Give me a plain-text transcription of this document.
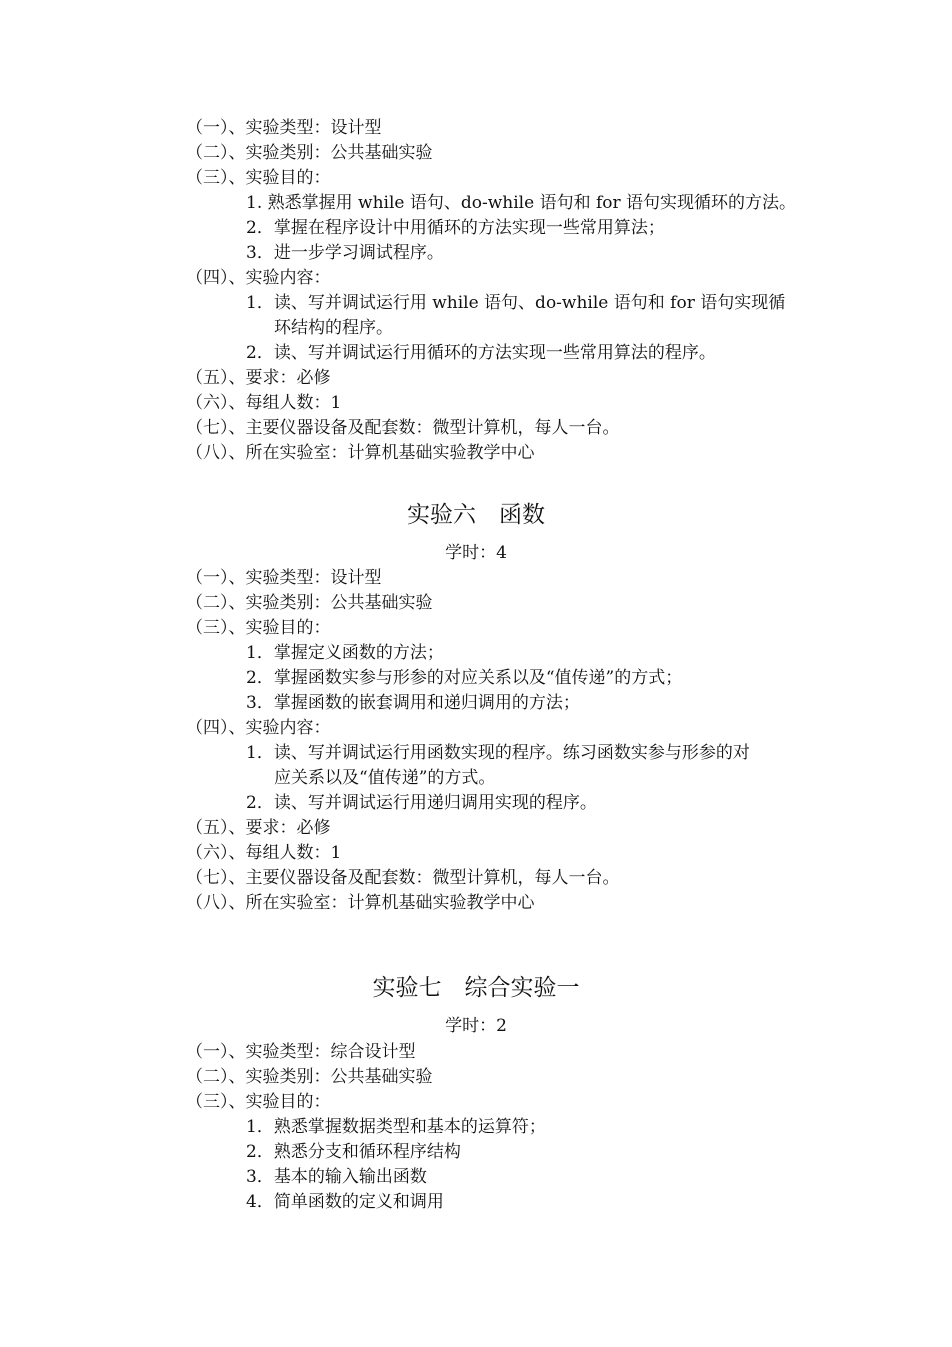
（一）、实验类型：设计型
（二）、实验类别：公共基础实验
（三）、实验目的：
1. 熟悉掌握用 while 语句、do-while 语句和 for 语句实现循环的方法。
2．掌握在程序设计中用循环的方法实现一些常用算法；
3．进一步学习调试程序。
（四）、实验内容：
1．读、写并调试运行用 while 语句、do-while 语句和 for 语句实现循
环结构的程序。
2．读、写并调试运行用循环的方法实现一些常用算法的程序。
（五）、要求：必修
（六）、每组人数：1
（七）、主要仪器设备及配套数：微型计算机，每人一台。
（八）、所在实验室：计算机基础实验教学中心
实验六　函数
学时：4
（一）、实验类型：设计型
（二）、实验类别：公共基础实验
（三）、实验目的：
1．掌握定义函数的方法；
2．掌握函数实参与形参的对应关系以及“值传递”的方式；
3．掌握函数的嵌套调用和递归调用的方法；
（四）、实验内容：
1．读、写并调试运行用函数实现的程序。练习函数实参与形参的对
应关系以及“值传递”的方式。
2．读、写并调试运行用递归调用实现的程序。
（五）、要求：必修
（六）、每组人数：1
（七）、主要仪器设备及配套数：微型计算机，每人一台。
（八）、所在实验室：计算机基础实验教学中心
实验七　综合实验一
学时：2
（一）、实验类型：综合设计型
（二）、实验类别：公共基础实验
（三）、实验目的：
1．熟悉掌握数据类型和基本的运算符；
2．熟悉分支和循环程序结构
3．基本的输入输出函数
4．简单函数的定义和调用
